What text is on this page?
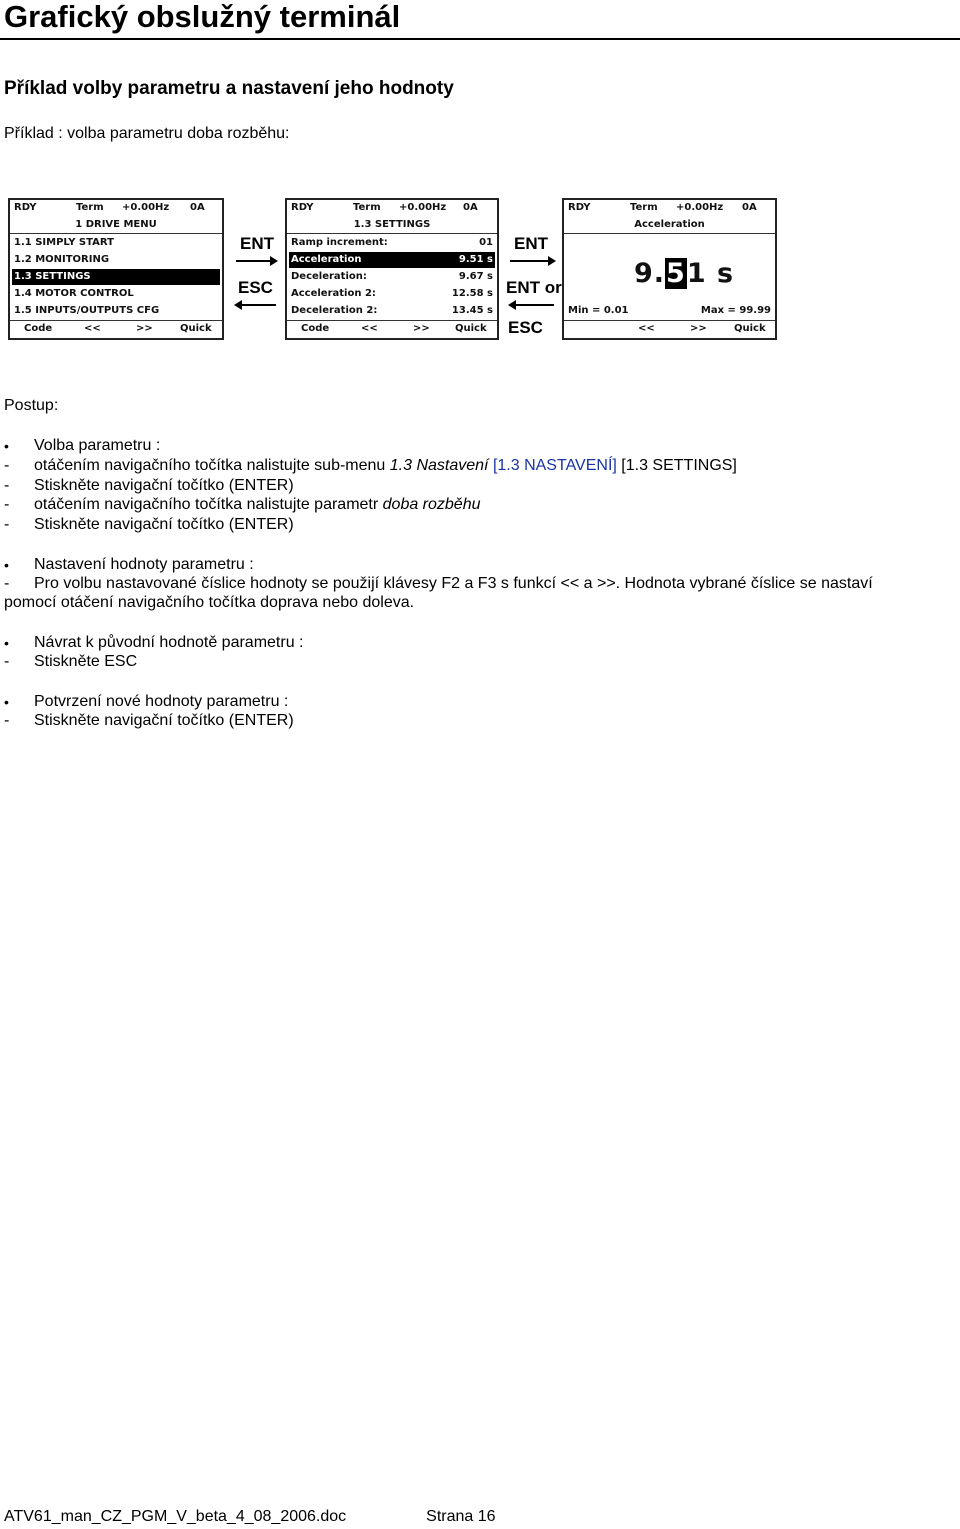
Grafický obslužný terminál
Příklad volby parametru a nastavení jeho hodnoty
Příklad : volba parametru doba rozběhu:
RDY	Term +0.00Hz 0A
1 DRIVE MENU
1.1 SIMPLY START
1.2 MONITORING
1.3 SETTINGS
1.4 MOTOR CONTROL
1.5 INPUTS/OUTPUTS CFG
Code	<<	>>	Quick
ENT
ESC
RDY	Term +0.00Hz 0A
1.3 SETTINGS
Ramp increment:	01
Acceleration	9.51 s
Deceleration:	9.67 s
Acceleration 2:	12.58 s
Deceleration 2:	13.45 s
Code	<<	>>	Quick
ENT
ENT or
ESC
RDY	Term +0.00Hz 0A
Acceleration
9.51 s
Min = 0.01	Max = 99.99
<<	>>	Quick
Postup:
• Volba parametru :
- otáčením navigačního točítka nalistujte sub-menu 1.3 Nastavení [1.3 NASTAVENÍ] [1.3 SETTINGS]
- Stiskněte navigační točítko (ENTER)
- otáčením navigačního točítka nalistujte parametr doba rozběhu
- Stiskněte navigační točítko (ENTER)
• Nastavení hodnoty parametru :
- Pro volbu nastavované číslice hodnoty se použijí klávesy F2 a F3 s funkcí << a >>. Hodnota vybrané číslice se nastaví
pomocí otáčení navigačního točítka doprava nebo doleva.
• Návrat k původní hodnotě parametru :
- Stiskněte ESC
• Potvrzení nové hodnoty parametru :
- Stiskněte navigační točítko (ENTER)
ATV61_man_CZ_PGM_V_beta_4_08_2006.doc	Strana 16
